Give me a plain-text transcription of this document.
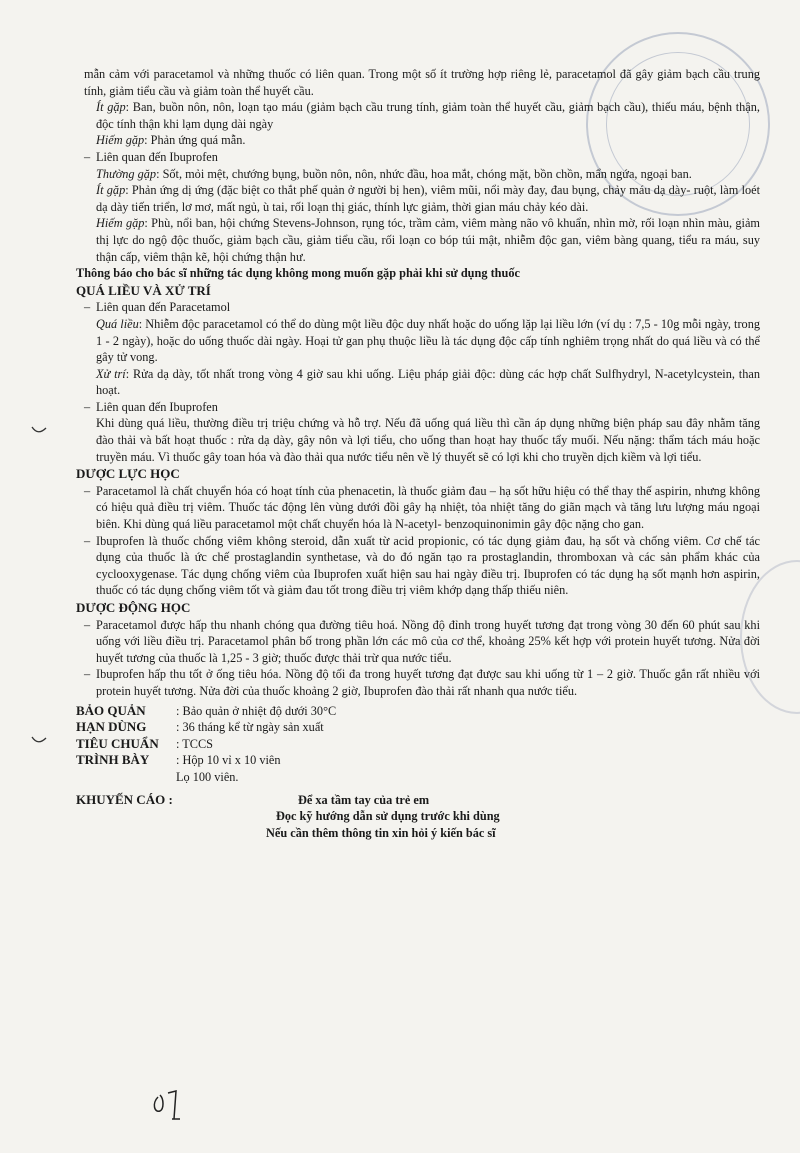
mẫn cảm với paracetamol và những thuốc có liên quan. Trong một số ít trường hợp riêng lẻ, paracetamol đã gây giảm bạch cầu trung tính, giảm tiểu cầu và giảm toàn thể huyết cầu.

Ít gặp: Ban, buồn nôn, nôn, loạn tạo máu (giảm bạch cầu trung tính, giảm toàn thể huyết cầu, giảm bạch cầu), thiếu máu, bệnh thận, độc tính thận khi lạm dụng dài ngày

Hiếm gặp: Phản ứng quá mẫn.

– Liên quan đến Ibuprofen

Thường gặp: Sốt, mỏi mệt, chướng bụng, buồn nôn, nôn, nhức đầu, hoa mắt, chóng mặt, bồn chồn, mẩn ngứa, ngoại ban.

Ít gặp: Phản ứng dị ứng (đặc biệt co thắt phế quản ở người bị hen), viêm mũi, nổi mày đay, đau bụng, chảy máu dạ dày- ruột, làm loét dạ dày tiến triển, lơ mơ, mất ngủ, ù tai, rối loạn thị giác, thính lực giảm, thời gian máu chảy kéo dài.

Hiếm gặp: Phù, nổi ban, hội chứng Stevens-Johnson, rụng tóc, trầm cảm, viêm màng não vô khuẩn, nhìn mờ, rối loạn nhìn màu, giảm thị lực do ngộ độc thuốc, giảm bạch cầu, giảm tiểu cầu, rối loạn co bóp túi mật, nhiễm độc gan, viêm bàng quang, tiểu ra máu, suy thận cấp, viêm thận kẽ, hội chứng thận hư.

Thông báo cho bác sĩ những tác dụng không mong muốn gặp phải khi sử dụng thuốc

QUÁ LIỀU VÀ XỬ TRÍ

– Liên quan đến Paracetamol

Quá liều: Nhiễm độc paracetamol có thể do dùng một liều độc duy nhất hoặc do uống lặp lại liều lớn (ví dụ : 7,5 - 10g mỗi ngày, trong 1 - 2 ngày), hoặc do uống thuốc dài ngày. Hoại tử gan phụ thuộc liều là tác dụng độc cấp tính nghiêm trọng nhất do quá liều và có thể gây tử vong.

Xử trí: Rửa dạ dày, tốt nhất trong vòng 4 giờ sau khi uống. Liệu pháp giải độc: dùng các hợp chất Sulfhydryl, N-acetylcystein, than hoạt.

– Liên quan đến Ibuprofen

Khi dùng quá liều, thường điều trị triệu chứng và hỗ trợ. Nếu đã uống quá liều thì cần áp dụng những biện pháp sau đây nhằm tăng đào thải và bất hoạt thuốc : rửa dạ dày, gây nôn và lợi tiểu, cho uống than hoạt hay thuốc tẩy muối. Nếu nặng: thẩm tách máu hoặc truyền máu. Vì thuốc gây toan hóa và đào thải qua nước tiểu nên về lý thuyết sẽ có lợi khi cho truyền dịch kiềm và lợi tiểu.

DƯỢC LỰC HỌC

– Paracetamol là chất chuyển hóa có hoạt tính của phenacetin, là thuốc giảm đau – hạ sốt hữu hiệu có thể thay thế aspirin, nhưng không có hiệu quả điều trị viêm. Thuốc tác động lên vùng dưới đồi gây hạ nhiệt, tỏa nhiệt tăng do giãn mạch và tăng lưu lượng máu ngoại biên. Khi dùng quá liều paracetamol một chất chuyển hóa là N-acetyl- benzoquinonimin gây độc nặng cho gan.

– Ibuprofen là thuốc chống viêm không steroid, dẫn xuất từ acid propionic, có tác dụng giảm đau, hạ sốt và chống viêm. Cơ chế tác dụng của thuốc là ức chế prostaglandin synthetase, và do đó ngăn tạo ra prostaglandin, thromboxan và các sản phẩm khác của cyclooxygenase. Tác dụng chống viêm của Ibuprofen xuất hiện sau hai ngày điều trị. Ibuprofen có tác dụng hạ sốt mạnh hơn aspirin, thuốc có tác dụng chống viêm tốt và giảm đau tốt trong điều trị viêm khớp dạng thấp thiếu niên.

DƯỢC ĐỘNG HỌC

– Paracetamol được hấp thu nhanh chóng qua đường tiêu hoá. Nồng độ đỉnh trong huyết tương đạt trong vòng 30 đến 60 phút sau khi uống với liều điều trị. Paracetamol phân bố trong phần lớn các mô của cơ thể, khoảng 25% kết hợp với protein huyết tương. Nửa đời huyết tương của thuốc là 1,25 - 3 giờ; thuốc được thải trừ qua nước tiểu.

– Ibuprofen hấp thu tốt ở ống tiêu hóa. Nồng độ tối đa trong huyết tương đạt được sau khi uống từ 1 – 2 giờ. Thuốc gắn rất nhiều với protein huyết tương. Nửa đời của thuốc khoảng 2 giờ, Ibuprofen đào thải rất nhanh qua nước tiểu.

BẢO QUẢN	: Bảo quản ở nhiệt độ dưới 30°C
HẠN DÙNG	: 36 tháng kể từ ngày sản xuất
TIÊU CHUẨN	: TCCS
TRÌNH BÀY	: Hộp 10 vỉ x 10 viên
Lọ 100 viên.
KHUYẾN CÁO :	Để xa tầm tay của trẻ em
Đọc kỹ hướng dẫn sử dụng trước khi dùng
Nếu cần thêm thông tin xin hỏi ý kiến bác sĩ
